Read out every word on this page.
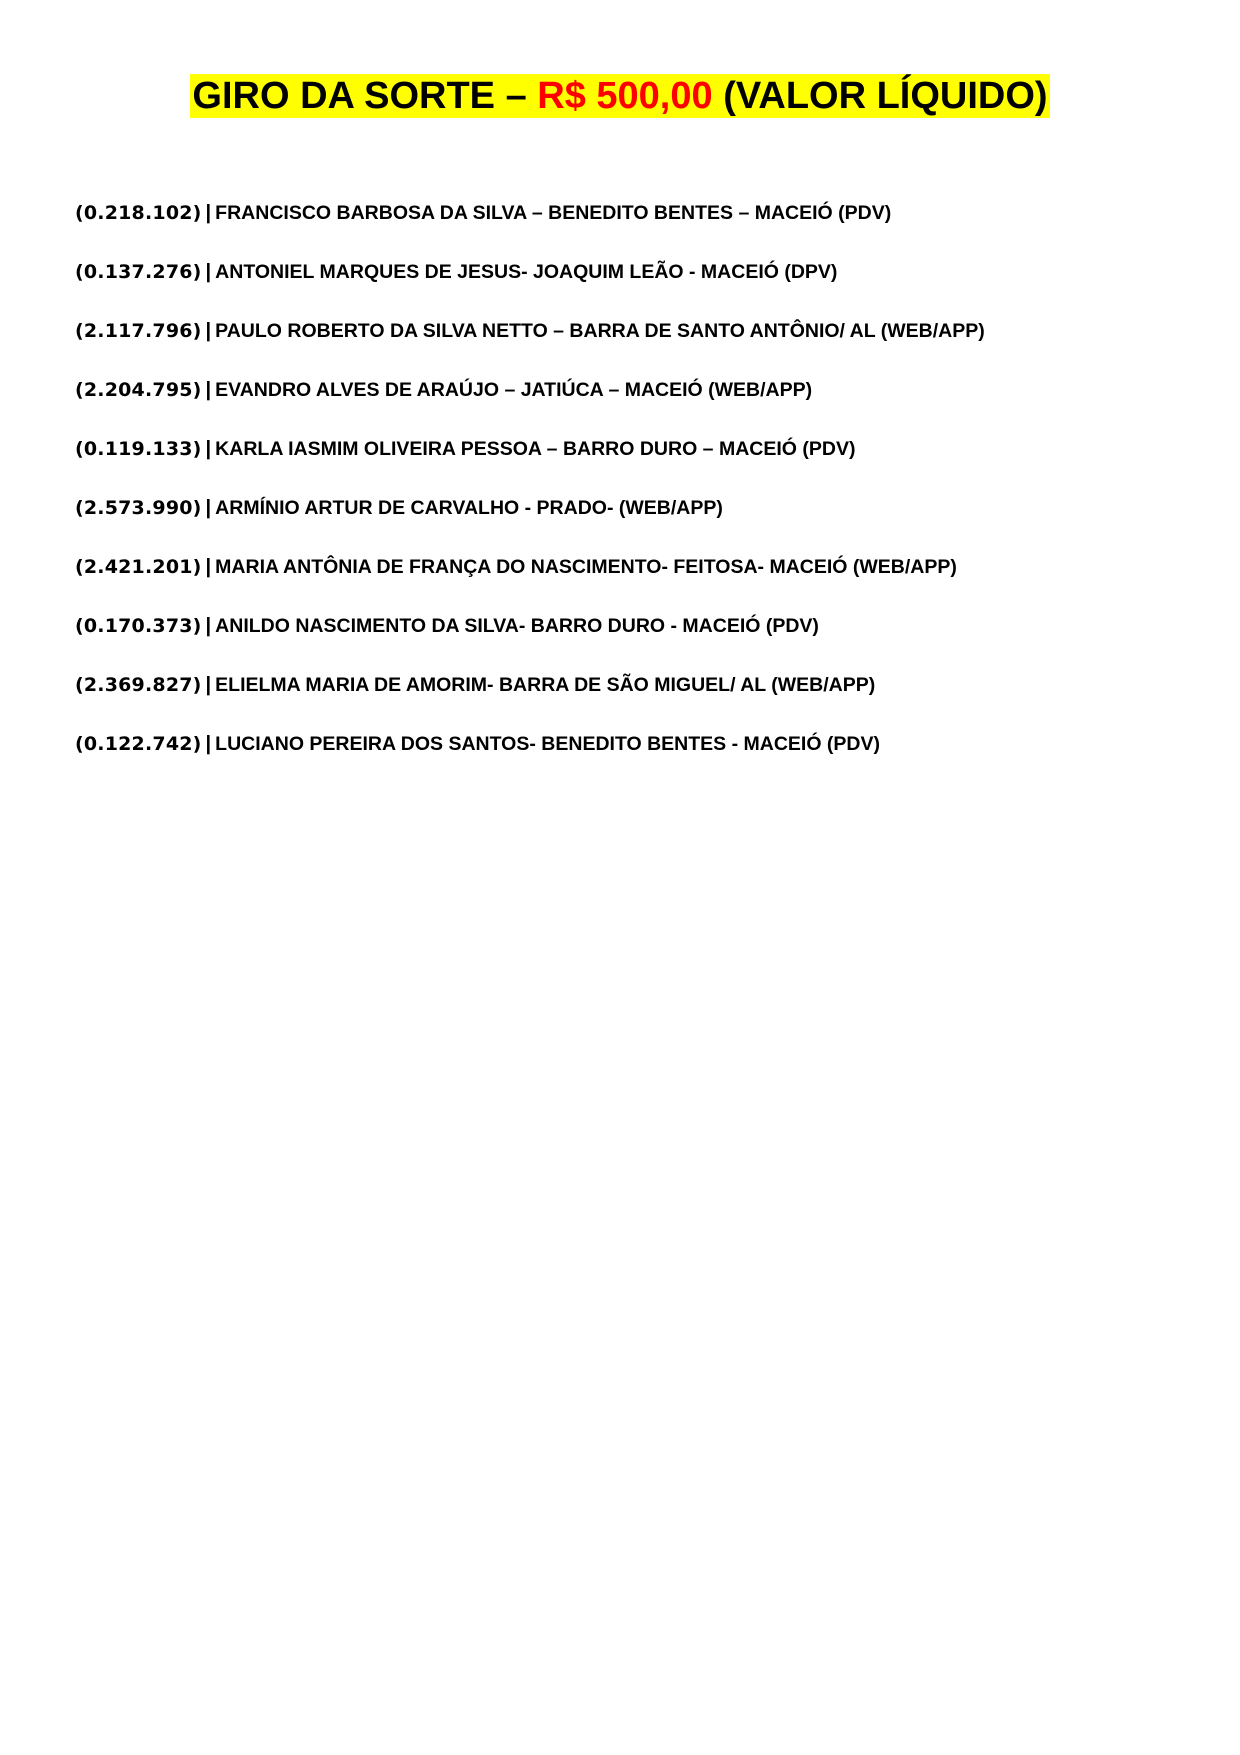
GIRO DA SORTE – R$ 500,00 (VALOR LÍQUIDO)
(0.218.102) | FRANCISCO BARBOSA DA SILVA – BENEDITO BENTES – MACEIÓ (PDV)
(0.137.276) | ANTONIEL MARQUES DE JESUS- JOAQUIM LEÃO - MACEIÓ (DPV)
(2.117.796) | PAULO ROBERTO DA SILVA NETTO – BARRA DE SANTO ANTÔNIO/ AL (WEB/APP)
(2.204.795) | EVANDRO ALVES DE ARAÚJO – JATIÚCA – MACEIÓ (WEB/APP)
(0.119.133) | KARLA IASMIM OLIVEIRA PESSOA – BARRO DURO – MACEIÓ (PDV)
(2.573.990) | ARMÍNIO ARTUR DE CARVALHO - PRADO- (WEB/APP)
(2.421.201) | MARIA ANTÔNIA DE FRANÇA DO NASCIMENTO- FEITOSA- MACEIÓ (WEB/APP)
(0.170.373) | ANILDO NASCIMENTO DA SILVA- BARRO DURO - MACEIÓ (PDV)
(2.369.827) | ELIELMA MARIA DE AMORIM- BARRA DE SÃO MIGUEL/ AL (WEB/APP)
(0.122.742) | LUCIANO PEREIRA DOS SANTOS- BENEDITO BENTES - MACEIÓ (PDV)
